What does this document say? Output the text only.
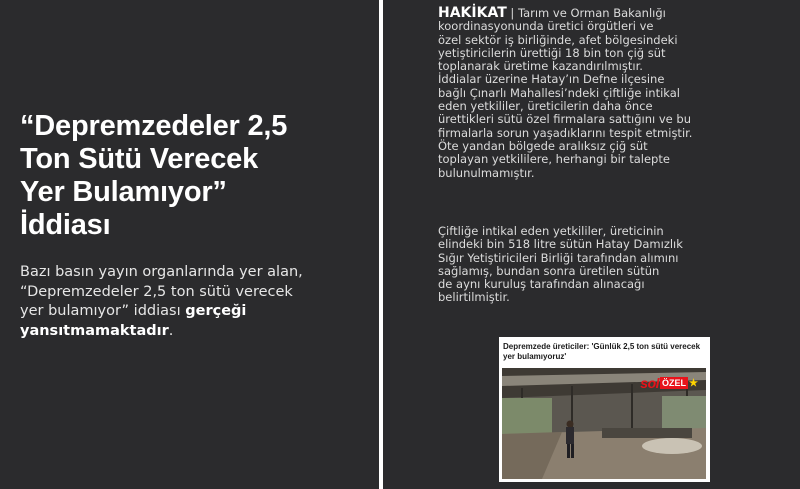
“Depremzedeler 2,5
Ton Sütü Verecek
Yer Bulamıyor”
İddiası

Bazı basın yayın organlarında yer alan, “Depremzedeler 2,5 ton sütü verecek yer bulamıyor” iddiası gerçeği yansıtmamaktadır.

HAKİKAT | Tarım ve Orman Bakanlığı
koordinasyonunda üretici örgütleri ve
özel sektör iş birliğinde, afet bölgesindeki
yetiştiricilerin ürettiği 18 bin ton çiğ süt
toplanarak üretime kazandırılmıştır.
İddialar üzerine Hatay’ın Defne ilçesine
bağlı Çınarlı Mahallesi’ndeki çiftliğe intikal
eden yetkililer, üreticilerin daha önce
ürettikleri sütü özel firmalara sattığını ve bu
firmalarla sorun yaşadıklarını tespit etmiştir.
Öte yandan bölgede aralıksız çiğ süt
toplayan yetkililere, herhangi bir talepte
bulunulmamıştır.
Çiftliğe intikal eden yetkililer, üreticinin
elindeki bin 518 litre sütün Hatay Damızlık
Sığır Yetiştiricileri Birliği tarafından alımını
sağlamış, bundan sonra üretilen sütün
de aynı kuruluş tarafından alınacağı
belirtilmiştir.
Depremzede üreticiler: 'Günlük 2,5 ton sütü verecek yer bulamıyoruz'
sol ÖZEL ★
